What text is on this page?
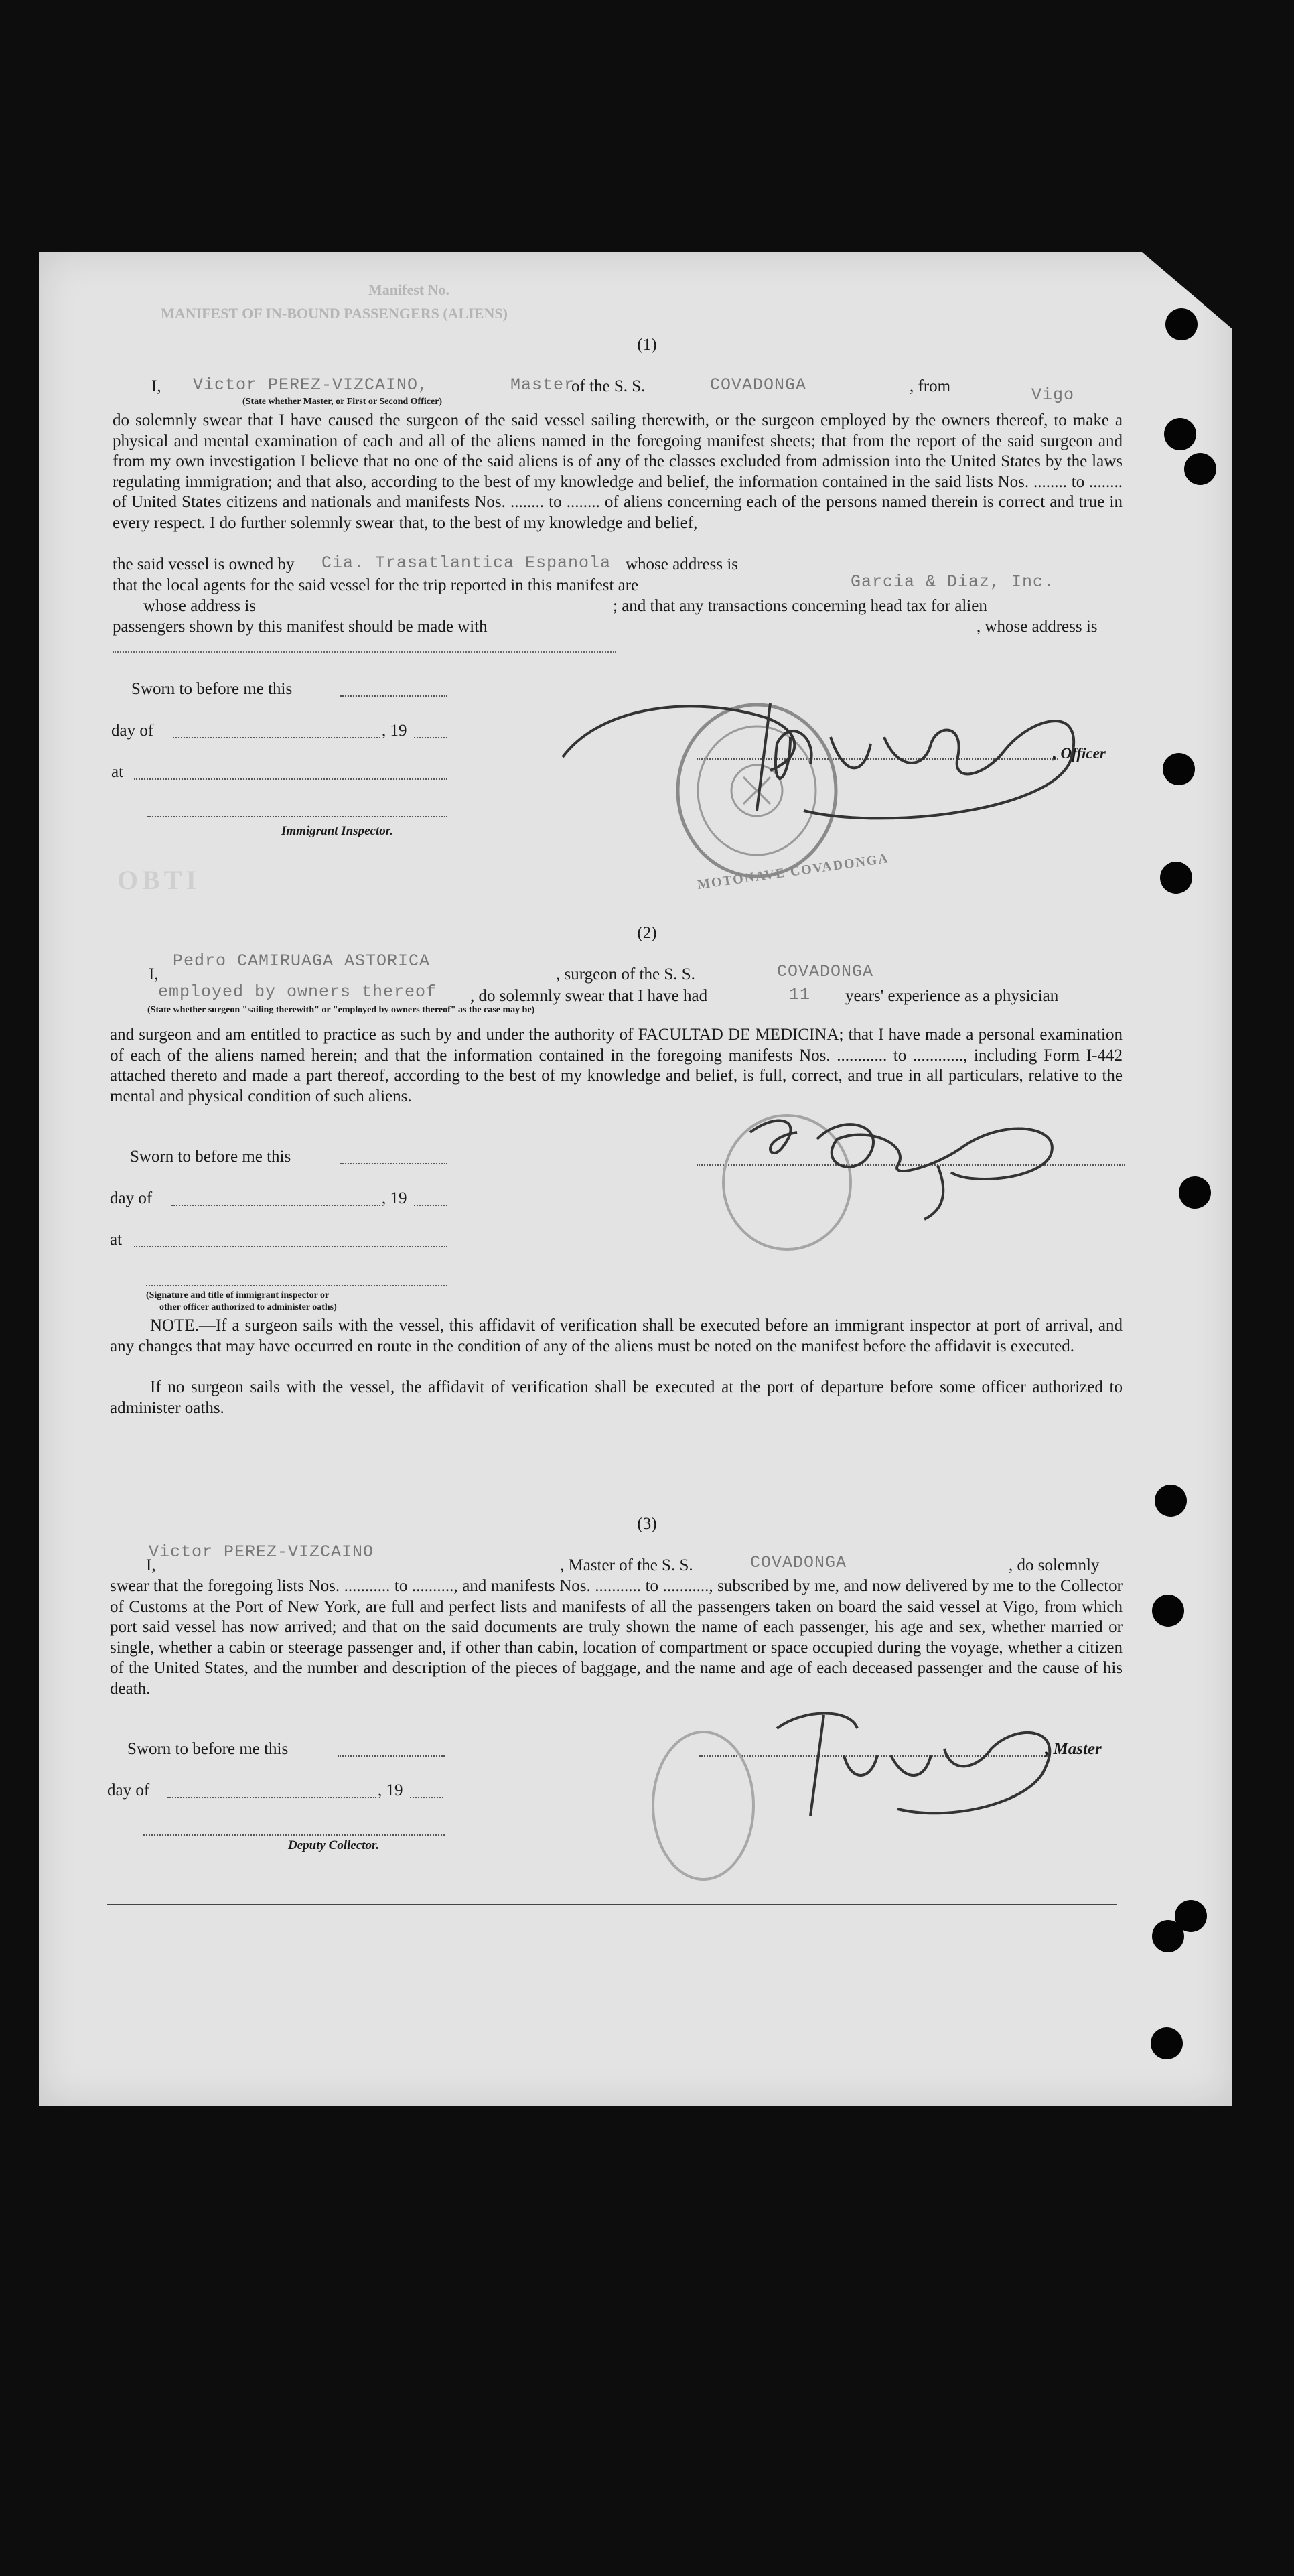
Manifest No.
MANIFEST OF IN-BOUND PASSENGERS (ALIENS)
OBTI
(1)
I, Victor PEREZ-VIZCAINO,	Master
of the S. S.	COVADONGA	, from	Vigo
(State whether Master, or First or Second Officer)
do solemnly swear that I have caused the surgeon of the said vessel sailing therewith, or the surgeon employed by the owners thereof, to make a physical and mental examination of each and all of the aliens named in the foregoing manifest sheets; that from the report of the said surgeon and from my own investigation I believe that no one of the said aliens is of any of the classes excluded from admission into the United States by the laws regulating immigration; and that also, according to the best of my knowledge and belief, the information contained in the said lists Nos. ........ to ........ of United States citizens and nationals and manifests Nos. ........ to ........ of aliens concerning each of the persons named therein is correct and true in every respect. I do further solemnly swear that, to the best of my knowledge and belief,
the said vessel is owned by Cia. Trasatlantica Espanola whose address is
that the local agents for the said vessel for the trip reported in this manifest are	Garcia & Diaz, Inc.
whose address is	; and that any transactions concerning head tax for alien
passengers shown by this manifest should be made with	, whose address is
Sworn to before me this
day of	, 19
at
Immigrant Inspector.
, Officer
MOTONAVE COVADONGA
(2)
I,
Pedro CAMIRUAGA ASTORICA
, surgeon of the S. S.	COVADONGA
employed by owners thereof , do solemnly swear that I have had	11 years' experience as a physician
(State whether surgeon "sailing therewith" or "employed by owners thereof" as the case may be)
and surgeon and am entitled to practice as such by and under the authority of FACULTAD DE MEDICINA; that I have made a personal examination of each of the aliens named herein; and that the information contained in the foregoing manifests Nos. ............ to ............, including Form I-442 attached thereto and made a part thereof, according to the best of my knowledge and belief, is full, correct, and true in all particulars, relative to the mental and physical condition of such aliens.
Sworn to before me this
day of	, 19
at
(Signature and title of immigrant inspector or
other officer authorized to administer oaths)
NOTE.—If a surgeon sails with the vessel, this affidavit of verification shall be executed before an immigrant inspector at port of arrival, and any changes that may have occurred en route in the condition of any of the aliens must be noted on the manifest before the affidavit is executed.
If no surgeon sails with the vessel, the affidavit of verification shall be executed at the port of departure before some officer authorized to administer oaths.
(3)
I,
Victor PEREZ-VIZCAINO
, Master of the S. S.	COVADONGA	, do solemnly
swear that the foregoing lists Nos. ........... to .........., and manifests Nos. ........... to ..........., subscribed by me, and now delivered by me to the Collector of Customs at the Port of New York, are full and perfect lists and manifests of all the passengers taken on board the said vessel at Vigo, from which port said vessel has now arrived; and that on the said documents are truly shown the name of each passenger, his age and sex, whether married or single, whether a cabin or steerage passenger and, if other than cabin, location of compartment or space occupied during the voyage, whether a citizen of the United States, and the number and description of the pieces of baggage, and the name and age of each deceased passenger and the cause of his death.
Sworn to before me this	, Master
day of	, 19
Deputy Collector.
